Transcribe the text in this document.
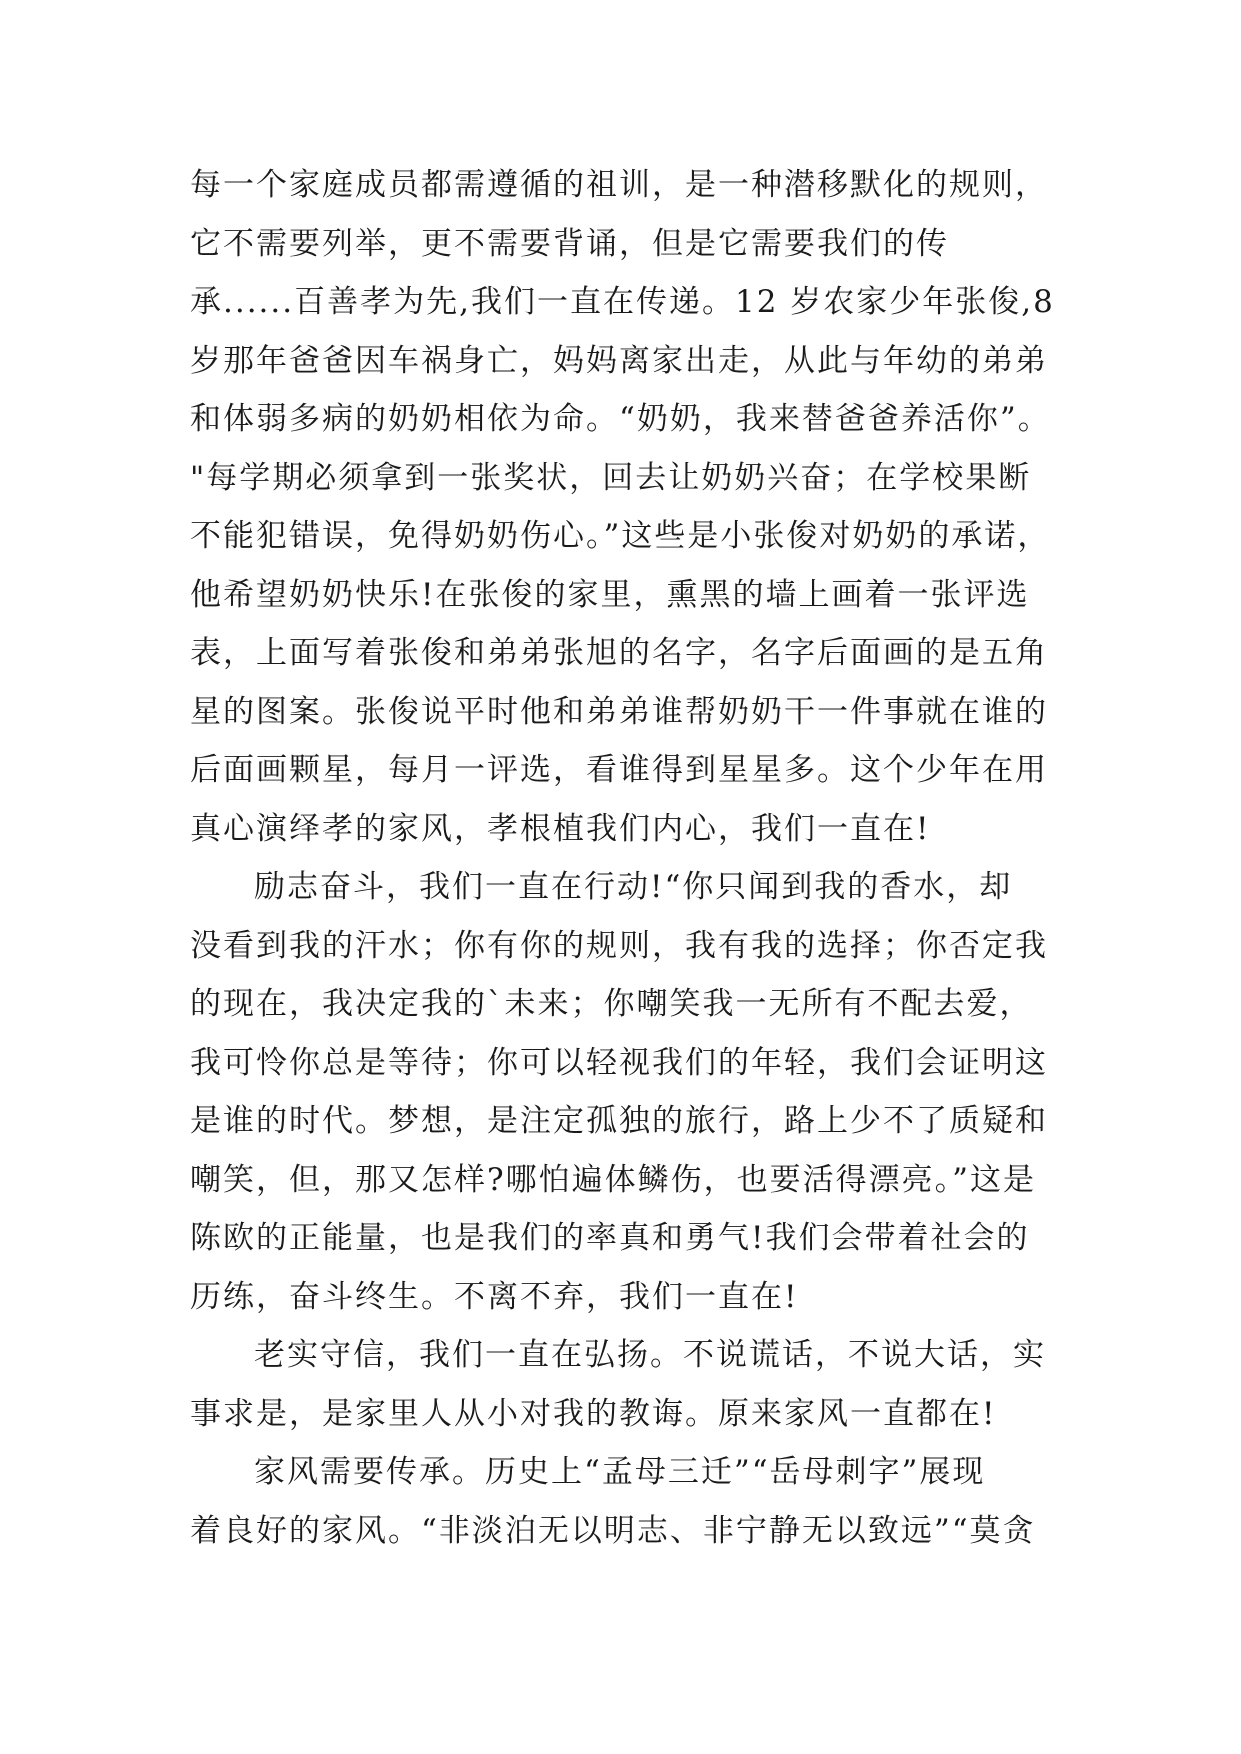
每一个家庭成员都需遵循的祖训，是一种潜移默化的规则，
它不需要列举，更不需要背诵，但是它需要我们的传
承......百善孝为先,我们一直在传递。12 岁农家少年张俊,8
岁那年爸爸因车祸身亡，妈妈离家出走，从此与年幼的弟弟
和体弱多病的奶奶相依为命。“奶奶，我来替爸爸养活你”。
"每学期必须拿到一张奖状，回去让奶奶兴奋；在学校果断
不能犯错误，免得奶奶伤心。”这些是小张俊对奶奶的承诺，
他希望奶奶快乐!在张俊的家里，熏黑的墙上画着一张评选
表，上面写着张俊和弟弟张旭的名字，名字后面画的是五角
星的图案。张俊说平时他和弟弟谁帮奶奶干一件事就在谁的
后面画颗星，每月一评选，看谁得到星星多。这个少年在用
真心演绎孝的家风，孝根植我们内心，我们一直在!
励志奋斗，我们一直在行动!“你只闻到我的香水，却
没看到我的汗水；你有你的规则，我有我的选择；你否定我
的现在，我决定我的`未来；你嘲笑我一无所有不配去爱，
我可怜你总是等待；你可以轻视我们的年轻，我们会证明这
是谁的时代。梦想，是注定孤独的旅行，路上少不了质疑和
嘲笑，但，那又怎样?哪怕遍体鳞伤，也要活得漂亮。”这是
陈欧的正能量，也是我们的率真和勇气!我们会带着社会的
历练，奋斗终生。不离不弃，我们一直在!
老实守信，我们一直在弘扬。不说谎话，不说大话，实
事求是，是家里人从小对我的教诲。原来家风一直都在!
家风需要传承。历史上“孟母三迁”“岳母刺字”展现
着良好的家风。“非淡泊无以明志、非宁静无以致远”“莫贪
